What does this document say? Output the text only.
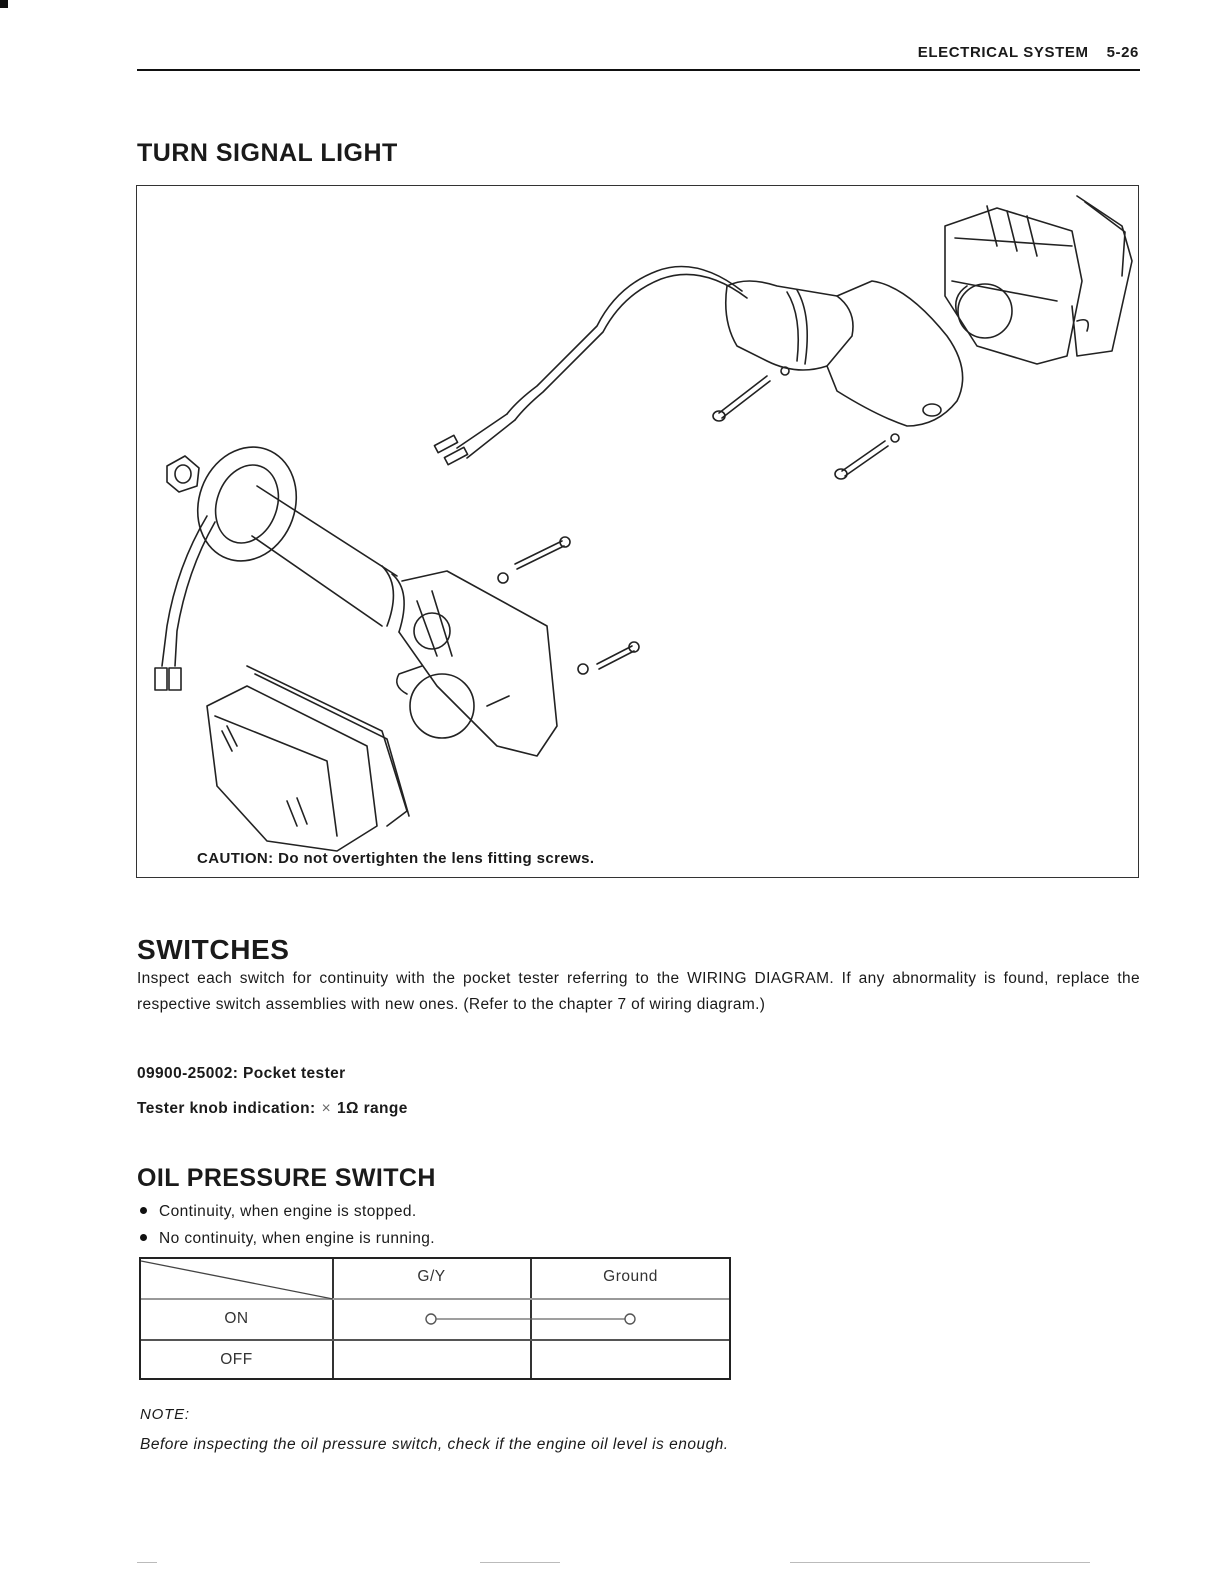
ELECTRICAL SYSTEM 5-26
TURN SIGNAL LIGHT
CAUTION: Do not overtighten the lens fitting screws.
SWITCHES

Inspect each switch for continuity with the pocket tester referring to the WIRING DIAGRAM. If any abnormality is found, replace the respective switch assemblies with new ones. (Refer to the chapter 7 of wiring diagram.)

09900-25002: Pocket tester
Tester knob indication: × 1Ω range
OIL PRESSURE SWITCH
Continuity, when engine is stopped.
No continuity, when engine is running.
G/Y	Ground
ON
OFF
NOTE:

Before inspecting the oil pressure switch, check if the engine oil level is enough.
